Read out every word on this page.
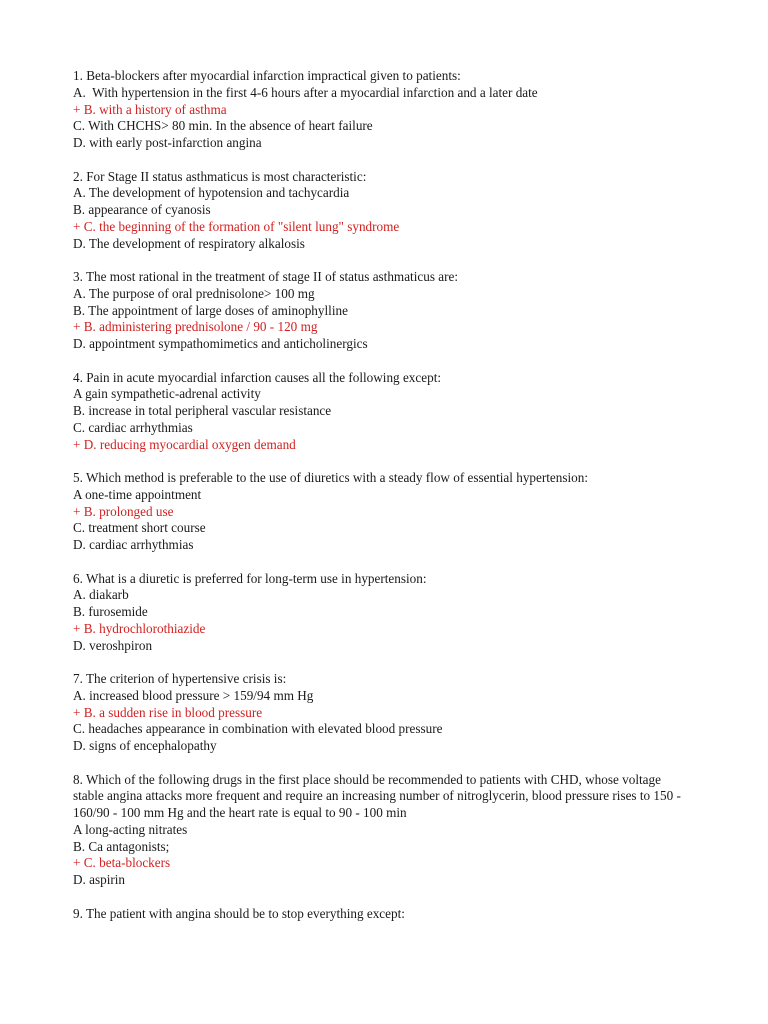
1. Beta-blockers after myocardial infarction impractical given to patients:
A.  With hypertension in the first 4-6 hours after a myocardial infarction and a later date
+ B. with a history of asthma
C. With CHCHS> 80 min. In the absence of heart failure
D. with early post-infarction angina
2. For Stage II status asthmaticus is most characteristic:
A. The development of hypotension and tachycardia
B. appearance of cyanosis
+ C. the beginning of the formation of "silent lung" syndrome
D. The development of respiratory alkalosis
3. The most rational in the treatment of stage II of status asthmaticus are:
A. The purpose of oral prednisolone> 100 mg
B. The appointment of large doses of aminophylline
+ B. administering prednisolone / 90 - 120 mg
D. appointment sympathomimetics and anticholinergics
4. Pain in acute myocardial infarction causes all the following except:
A gain sympathetic-adrenal activity
B. increase in total peripheral vascular resistance
C. cardiac arrhythmias
+ D. reducing myocardial oxygen demand
5. Which method is preferable to the use of diuretics with a steady flow of essential hypertension:
A one-time appointment
+ B. prolonged use
C. treatment short course
D. cardiac arrhythmias
6. What is a diuretic is preferred for long-term use in hypertension:
A. diakarb
B. furosemide
+ B. hydrochlorothiazide
D. veroshpiron
7. The criterion of hypertensive crisis is:
A. increased blood pressure > 159/94 mm Hg
+ B. a sudden rise in blood pressure
C. headaches appearance in combination with elevated blood pressure
D. signs of encephalopathy
8. Which of the following drugs in the first place should be recommended to patients with CHD, whose voltage stable angina attacks more frequent and require an increasing number of nitroglycerin, blood pressure rises to 150 - 160/90 - 100 mm Hg and the heart rate is equal to 90 - 100 min
A long-acting nitrates
B. Ca antagonists;
+ C. beta-blockers
D. aspirin
9. The patient with angina should be to stop everything except:
